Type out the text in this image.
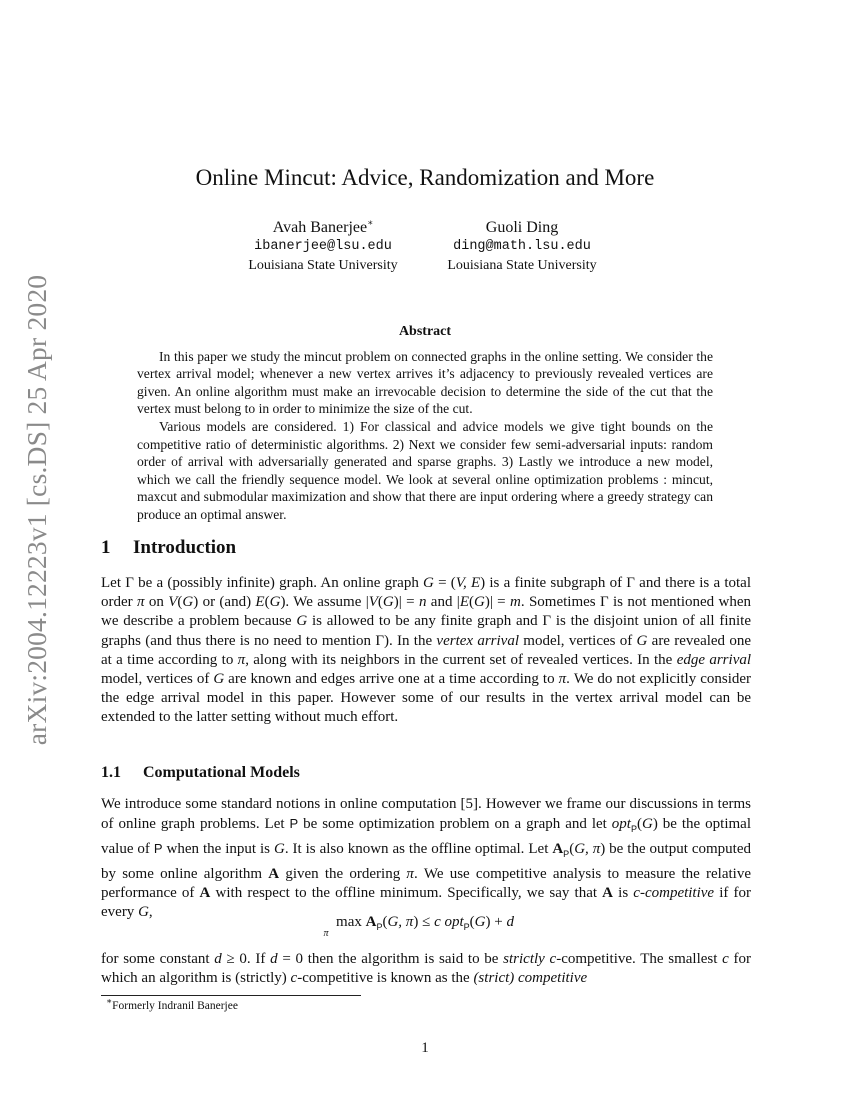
arXiv:2004.12223v1 [cs.DS] 25 Apr 2020
Online Mincut: Advice, Randomization and More
Avah Banerjee∗
ibanerjee@lsu.edu
Louisiana State University
Guoli Ding
ding@math.lsu.edu
Louisiana State University
Abstract

In this paper we study the mincut problem on connected graphs in the online setting. We consider the vertex arrival model; whenever a new vertex arrives it’s adjacency to previously revealed vertices are given. An online algorithm must make an irrevocable decision to determine the side of the cut that the vertex must belong to in order to minimize the size of the cut.

Various models are considered. 1) For classical and advice models we give tight bounds on the competitive ratio of deterministic algorithms. 2) Next we consider few semi-adversarial inputs: random order of arrival with adversarially generated and sparse graphs. 3) Lastly we introduce a new model, which we call the friendly sequence model. We look at several online optimization problems : mincut, maxcut and submodular maximization and show that there are input ordering where a greedy strategy can produce an optimal answer.

1 Introduction

Let Γ be a (possibly infinite) graph. An online graph G = (V, E) is a finite subgraph of Γ and there is a total order π on V(G) or (and) E(G). We assume |V(G)| = n and |E(G)| = m. Sometimes Γ is not mentioned when we describe a problem because G is allowed to be any finite graph and Γ is the disjoint union of all finite graphs (and thus there is no need to mention Γ). In the vertex arrival model, vertices of G are revealed one at a time according to π, along with its neighbors in the current set of revealed vertices. In the edge arrival model, vertices of G are known and edges arrive one at a time according to π. We do not explicitly consider the edge arrival model in this paper. However some of our results in the vertex arrival model can be extended to the latter setting without much effort.

1.1 Computational Models

We introduce some standard notions in online computation [5]. However we frame our discussions in terms of online graph problems. Let P be some optimization problem on a graph and let opt$_P$(G) be the optimal value of P when the input is G. It is also known as the offline optimal. Let $A_P(G$, π) be the output computed by some online algorithm A given the ordering π. We use competitive analysis to measure the relative performance of A with respect to the offline minimum. Specifically, we say that A is c-competitive if for every G,

$\max A_P(G$, π) ≤ c opt$_P$(G) + d
π

for some constant d ≥ 0. If d = 0 then the algorithm is said to be strictly c-competitive. The smallest c for which an algorithm is (strictly) c-competitive is known as the (strict) competitive

∗Formerly Indranil Banerjee
1
